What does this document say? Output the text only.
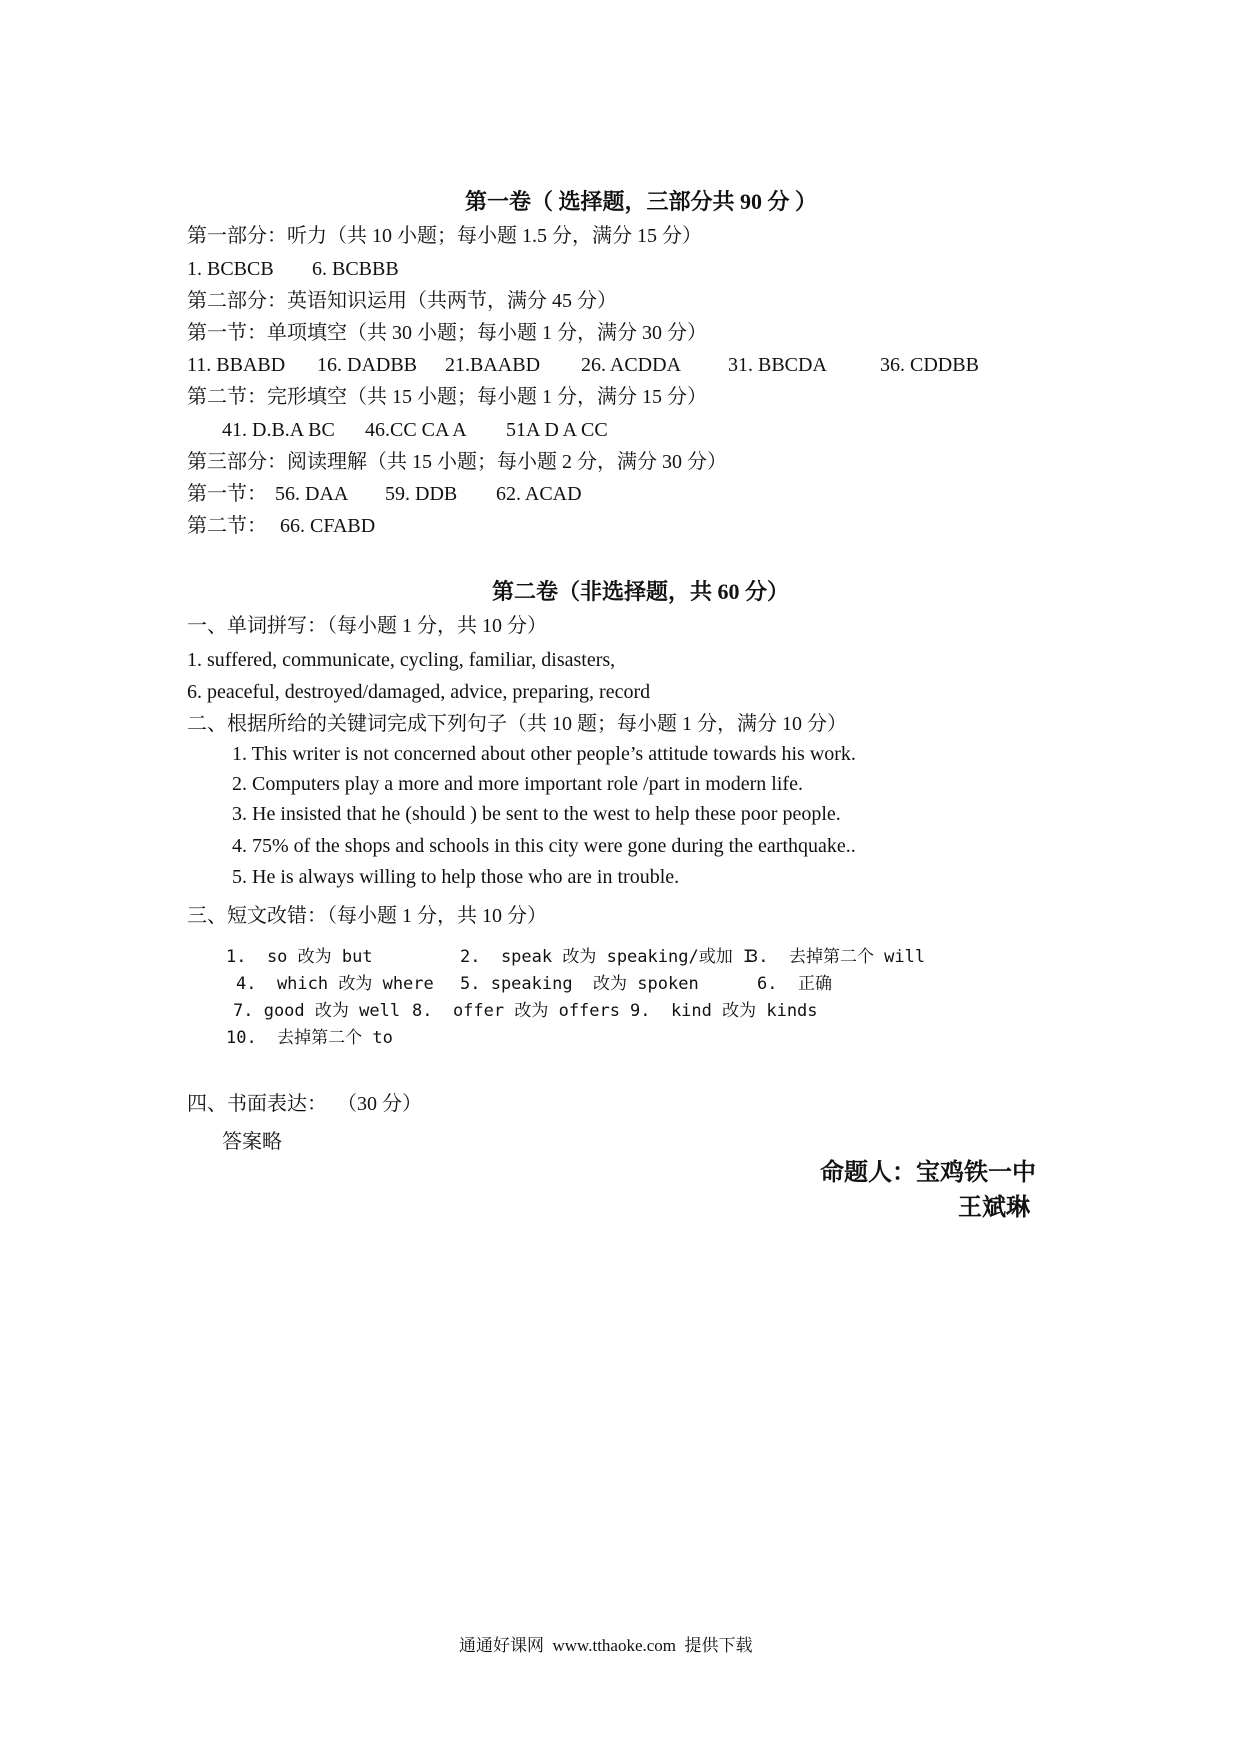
第一卷（ 选择题，三部分共 90 分 ）
第一部分：听力（共 10 小题；每小题 1.5 分，满分 15 分）
1. BCBCB 6. BCBBB
第二部分：英语知识运用（共两节，满分 45 分）
第一节：单项填空（共 30 小题；每小题 1 分，满分 30 分）
11. BBABD 16. DADBB 21.BAABD 26. ACDDA 31. BBCDA	36. CDDBB
第二节：完形填空（共 15 小题；每小题 1 分，满分 15 分）
41. D.B.A BC 46.CC CA A 51A D A CC
第三部分：阅读理解（共 15 小题；每小题 2 分，满分 30 分）
第一节： 56. DAA 59. DDB 62. ACAD
第二节： 66. CFABD
第二卷（非选择题，共 60 分）
一、单词拼写：（每小题 1 分，共 10 分）
1. suffered, communicate, cycling, familiar, disasters,
6. peaceful, destroyed/damaged, advice, preparing, record
二、根据所给的关键词完成下列句子（共 10 题；每小题 1 分，满分 10 分）
1. This writer is not concerned about other people’s attitude towards his work.
2. Computers play a more and more important role /part in modern life.
3. He insisted that he (should ) be sent to the west to help these poor people.
4. 75% of the shops and schools in this city were gone during the earthquake..
5. He is always willing to help those who are in trouble.
三、短文改错：（每小题 1 分，共 10 分）
1.  so 改为 but	2.  speak 改为 speaking/或加 I
3.  去掉第二个 will
4.  which 改为 where 5. speaking  改为 spoken	6.  正确
7. good 改为 well 8.  offer 改为 offers 9.  kind 改为 kinds
10.  去掉第二个 to
四、书面表达：  （30 分）
答案略
命题人：宝鸡铁一中
王斌琳
通通好课网  www.tthaoke.com  提供下载
